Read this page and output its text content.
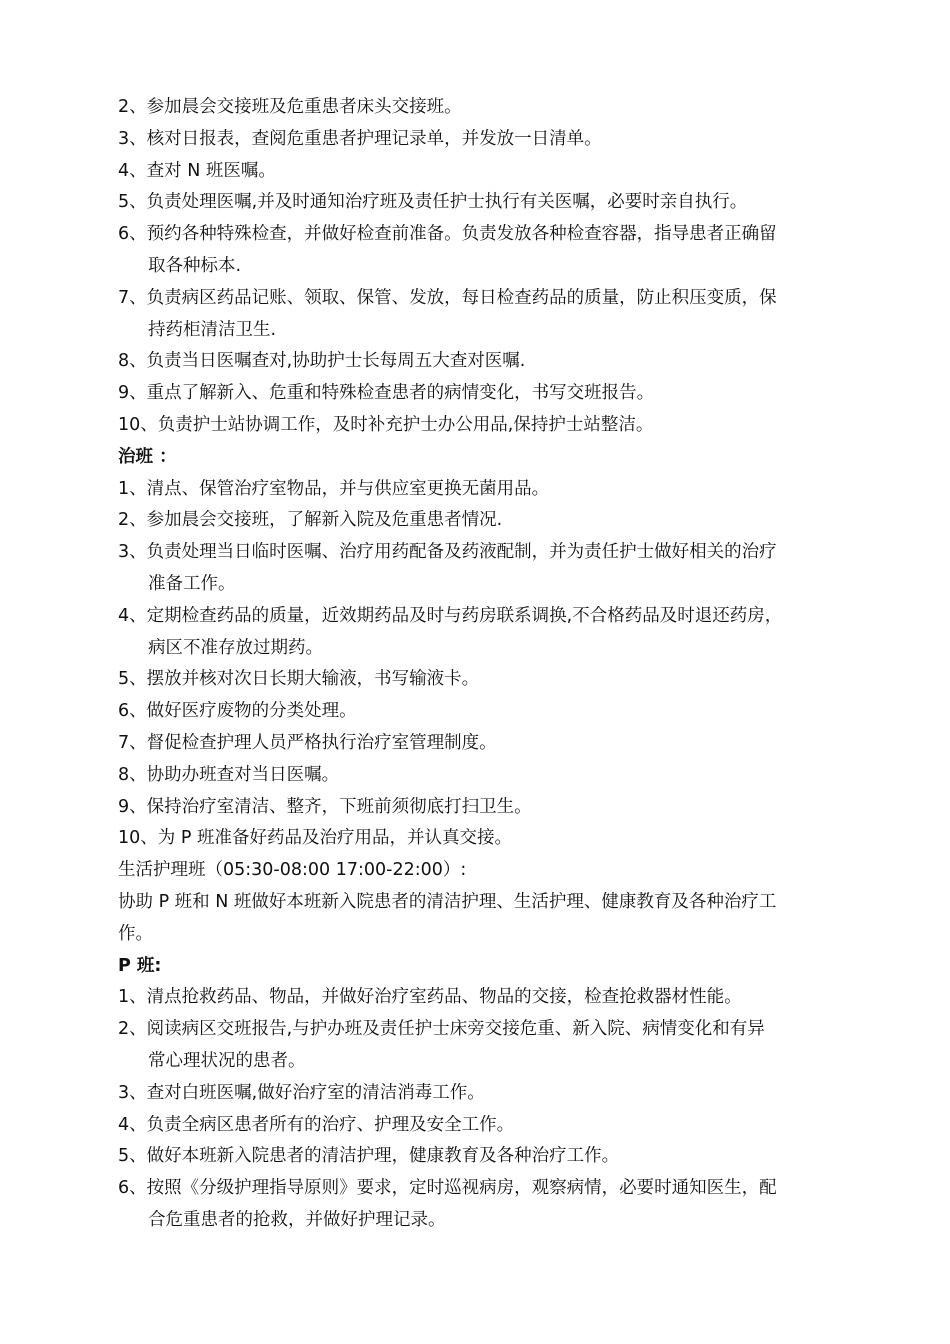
2、参加晨会交接班及危重患者床头交接班。

3、核对日报表，查阅危重患者护理记录单，并发放一日清单。

4、查对 N 班医嘱。

5、负责处理医嘱,并及时通知治疗班及责任护士执行有关医嘱，必要时亲自执行。

6、预约各种特殊检查，并做好检查前准备。负责发放各种检查容器，指导患者正确留

取各种标本.

7、负责病区药品记账、领取、保管、发放，每日检查药品的质量，防止积压变质，保

持药柜清洁卫生.

8、负责当日医嘱查对,协助护士长每周五大查对医嘱.

9、重点了解新入、危重和特殊检查患者的病情变化，书写交班报告。

10、负责护士站协调工作，及时补充护士办公用品,保持护士站整洁。

治班 ：

1、清点、保管治疗室物品，并与供应室更换无菌用品。

2、参加晨会交接班，了解新入院及危重患者情况.

3、负责处理当日临时医嘱、治疗用药配备及药液配制，并为责任护士做好相关的治疗

准备工作。

4、定期检查药品的质量，近效期药品及时与药房联系调换,不合格药品及时退还药房，

病区不准存放过期药。

5、摆放并核对次日长期大输液，书写输液卡。

6、做好医疗废物的分类处理。

7、督促检查护理人员严格执行治疗室管理制度。

8、协助办班查对当日医嘱。

9、保持治疗室清洁、整齐，下班前须彻底打扫卫生。

10、为 P 班准备好药品及治疗用品，并认真交接。

生活护理班（05:30-08:00 17:00-22:00）:

协助 P 班和 N 班做好本班新入院患者的清洁护理、生活护理、健康教育及各种治疗工

作。

P 班:

1、清点抢救药品、物品，并做好治疗室药品、物品的交接，检查抢救器材性能。

2、阅读病区交班报告,与护办班及责任护士床旁交接危重、新入院、病情变化和有异

常心理状况的患者。

3、查对白班医嘱,做好治疗室的清洁消毒工作。

4、负责全病区患者所有的治疗、护理及安全工作。

5、做好本班新入院患者的清洁护理，健康教育及各种治疗工作。

6、按照《分级护理指导原则》要求，定时巡视病房，观察病情，必要时通知医生，配

合危重患者的抢救，并做好护理记录。
